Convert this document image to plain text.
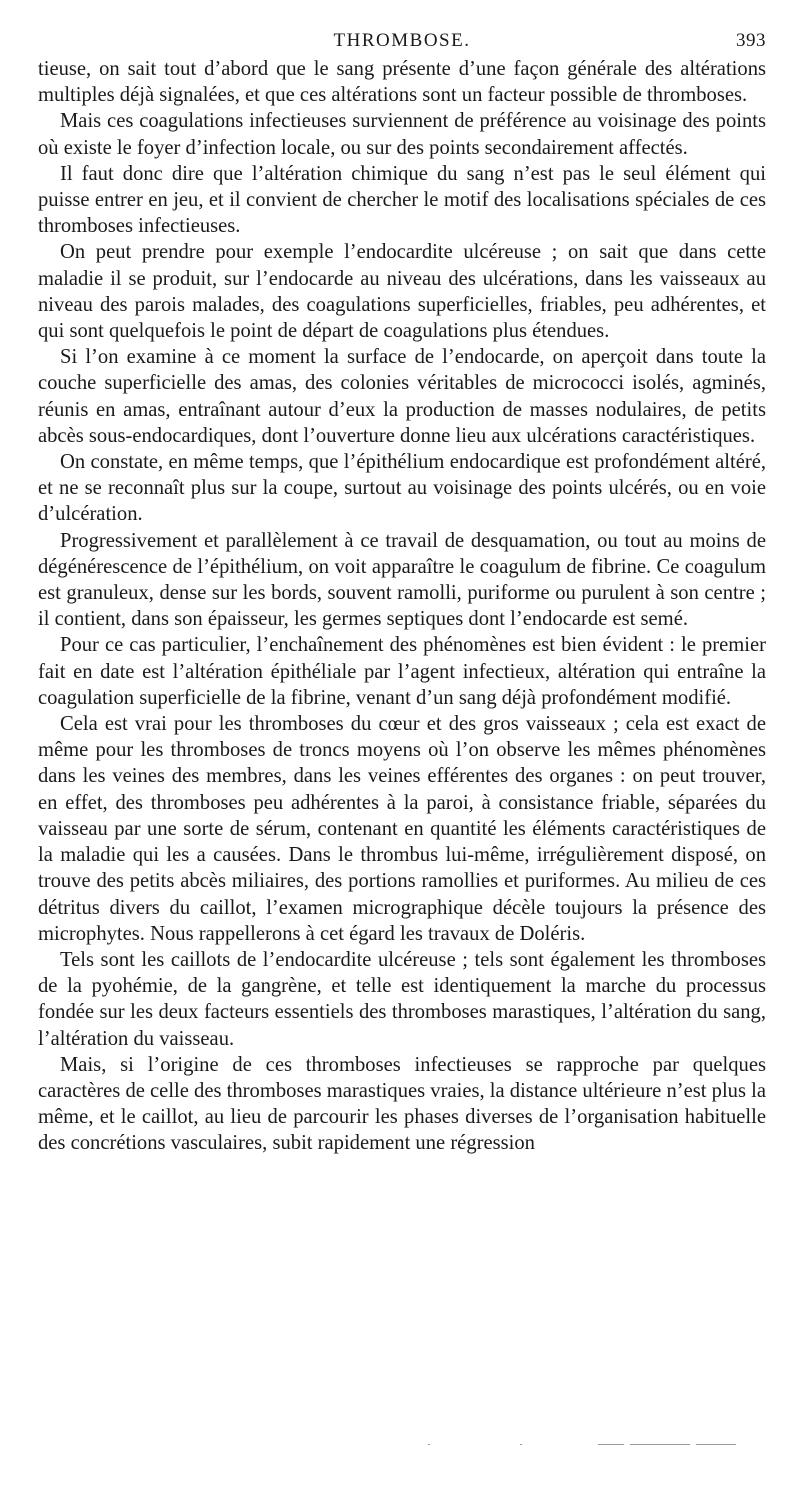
THROMBOSE.	393

tieuse, on sait tout d’abord que le sang présente d’une façon générale des altérations multiples déjà signalées, et que ces altérations sont un facteur possible de thromboses.

Mais ces coagulations infectieuses surviennent de préférence au voisinage des points où existe le foyer d’infection locale, ou sur des points secondairement affectés.

Il faut donc dire que l’altération chimique du sang n’est pas le seul élément qui puisse entrer en jeu, et il convient de chercher le motif des localisations spéciales de ces thromboses infectieuses.

On peut prendre pour exemple l’endocardite ulcéreuse ; on sait que dans cette maladie il se produit, sur l’endocarde au niveau des ulcérations, dans les vaisseaux au niveau des parois malades, des coagulations superficielles, friables, peu adhérentes, et qui sont quelquefois le point de départ de coagulations plus étendues.

Si l’on examine à ce moment la surface de l’endocarde, on aperçoit dans toute la couche superficielle des amas, des colonies véritables de micrococci isolés, agminés, réunis en amas, entraînant autour d’eux la production de masses nodulaires, de petits abcès sous-endocardiques, dont l’ouverture donne lieu aux ulcérations caractéristiques.

On constate, en même temps, que l’épithélium endocardique est profondément altéré, et ne se reconnaît plus sur la coupe, surtout au voisinage des points ulcérés, ou en voie d’ulcération.

Progressivement et parallèlement à ce travail de desquamation, ou tout au moins de dégénérescence de l’épithélium, on voit apparaître le coagulum de fibrine. Ce coagulum est granuleux, dense sur les bords, souvent ramolli, puriforme ou purulent à son centre ; il contient, dans son épaisseur, les germes septiques dont l’endocarde est semé.

Pour ce cas particulier, l’enchaînement des phénomènes est bien évident : le premier fait en date est l’altération épithéliale par l’agent infectieux, altération qui entraîne la coagulation superficielle de la fibrine, venant d’un sang déjà profondément modifié.

Cela est vrai pour les thromboses du cœur et des gros vaisseaux ; cela est exact de même pour les thromboses de troncs moyens où l’on observe les mêmes phénomènes dans les veines des membres, dans les veines efférentes des organes : on peut trouver, en effet, des thromboses peu adhérentes à la paroi, à consistance friable, séparées du vaisseau par une sorte de sérum, contenant en quantité les éléments caractéristiques de la maladie qui les a causées. Dans le thrombus lui-même, irrégulièrement disposé, on trouve des petits abcès miliaires, des portions ramollies et puriformes. Au milieu de ces détritus divers du caillot, l’examen micrographique décèle toujours la présence des microphytes. Nous rappellerons à cet égard les travaux de Doléris.

Tels sont les caillots de l’endocardite ulcéreuse ; tels sont également les thromboses de la pyohémie, de la gangrène, et telle est identiquement la marche du processus fondée sur les deux facteurs essentiels des thromboses marastiques, l’altération du sang, l’altération du vaisseau.

Mais, si l’origine de ces thromboses infectieuses se rapproche par quelques caractères de celle des thromboses marastiques vraies, la distance ultérieure n’est plus la même, et le caillot, au lieu de parcourir les phases diverses de l’organisation habituelle des concrétions vasculaires, subit rapidement une régression
